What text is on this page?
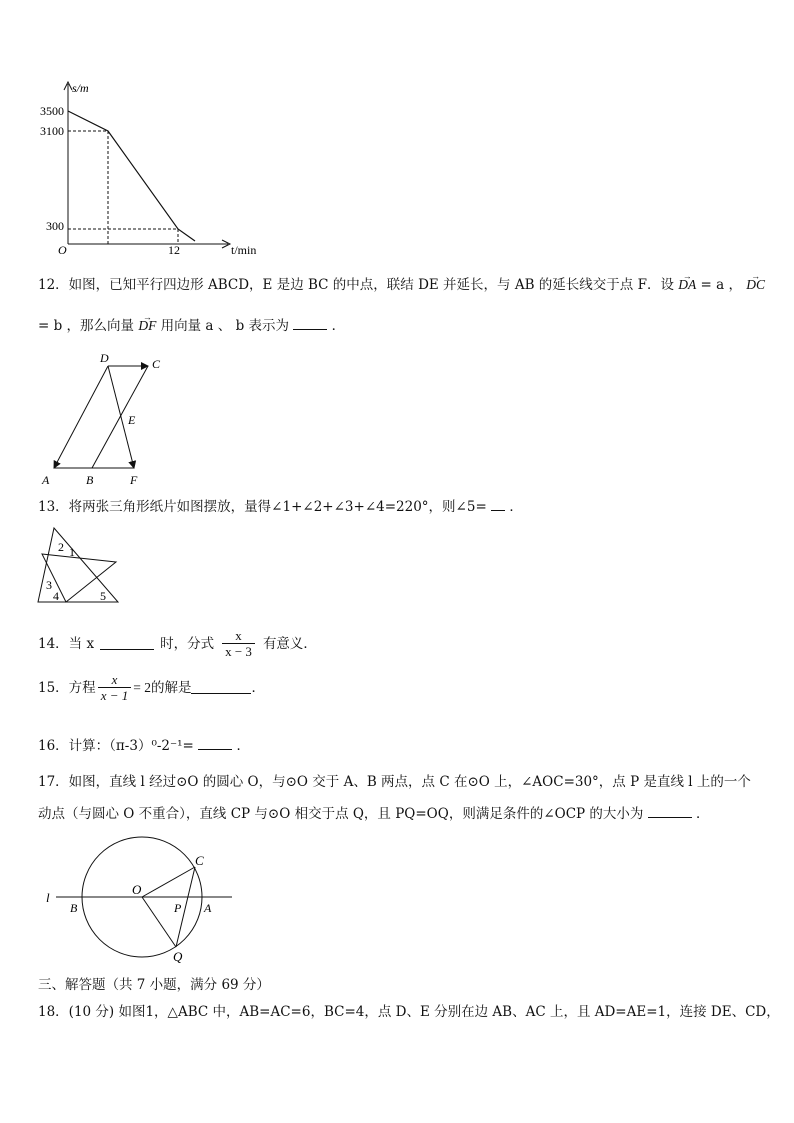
s/m
3500
3100
300
O	12	t/min
12．如图，已知平行四边形 ABCD，E 是边 BC 的中点，联结 DE 并延长，与 AB 的延长线交于点 F．设 → DA = a ， → DC
= b ，那么向量 → DF 用向量 a 、 b 表示为	．
D	C
E
A	B	F
13．将两张三角形纸片如图摆放，量得∠1+∠2+∠3+∠4=220°，则∠5= ．
2 1
3
4	5
14．当 x	时，分式 $\frac{x}{x - 3}$ 有意义．
15．方程 $\frac{x}{x - 1} = 2$ 的解是	．
16．计算：（π-3）⁰-2⁻¹=	．
17．如图，直线 l 经过⊙O 的圆心 O，与⊙O 交于 A、B 两点，点 C 在⊙O 上，∠AOC=30°，点 P 是直线 l 上的一个
动点（与圆心 O 不重合），直线 CP 与⊙O 相交于点 Q，且 PQ=OQ，则满足条件的∠OCP 的大小为	．
l
B
O
C
P A
Q
三、解答题（共 7 小题，满分 69 分）
18．(10 分) 如图1，△ABC 中，AB=AC=6，BC=4，点 D、E 分别在边 AB、AC 上，且 AD=AE=1，连接 DE、CD，
